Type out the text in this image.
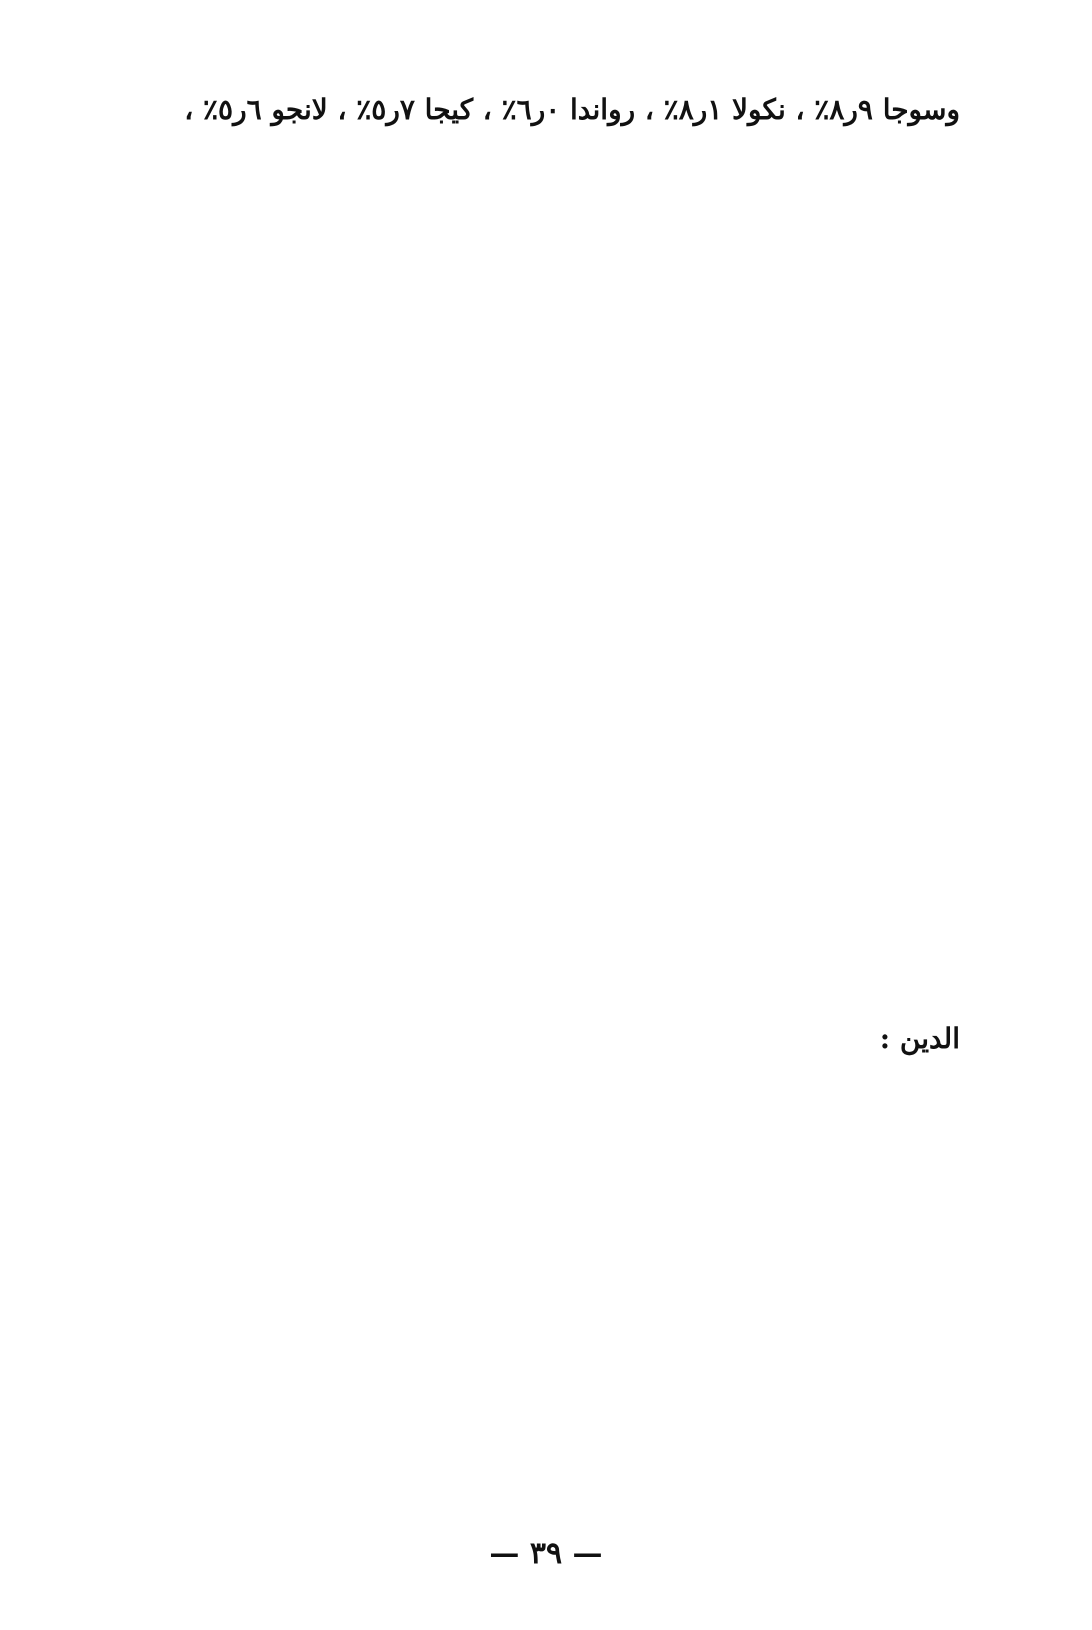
وسوجا ٩ر٨٪ ، نكولا ١ر٨٪ ، رواندا ٠ر٦٪ ، كيجا ٧ر٥٪ ، لانجو ٦ر٥٪ ،
الدين :
— ٣٩ —
